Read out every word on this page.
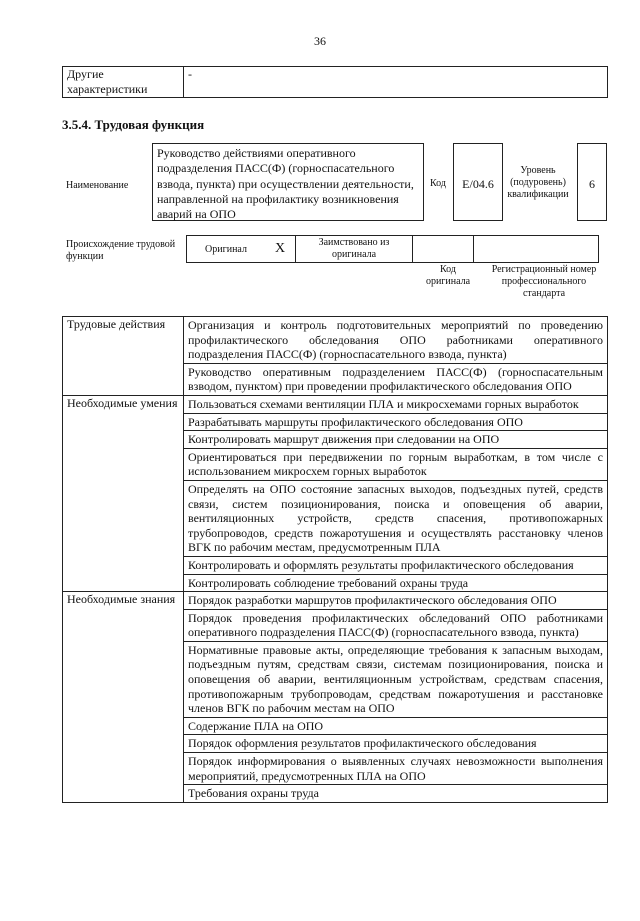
36
Другие характеристики	-
3.5.4. Трудовая функция
Наименование
Руководство действиями оперативного подразделения ПАСС(Ф) (горноспасательного взвода, пункта) при осуществлении деятельности, направленной на профилактику возникновения аварий на ОПО
Код	E/04.6
Уровень (подуровень) квалификации
6
Происхождение трудовой функции
Оригинал	X	Заимствовано из оригинала		
Код оригинала
Регистрационный номер профессионального стандарта
Трудовые действия	Организация и контроль подготовительных мероприятий по проведению профилактического обследования ОПО работниками оперативного подразделения ПАСС(Ф) (горноспасательного взвода, пункта)
	Руководство оперативным подразделением ПАСС(Ф) (горноспасательным взводом, пунктом) при проведении профилактического обследования ОПО
Необходимые умения	Пользоваться схемами вентиляции ПЛА и микросхемами горных выработок
	Разрабатывать маршруты профилактического обследования ОПО
	Контролировать маршрут движения при следовании на ОПО
	Ориентироваться при передвижении по горным выработкам, в том числе с использованием микросхем горных выработок
	Определять на ОПО состояние запасных выходов, подъездных путей, средств связи, систем позиционирования, поиска и оповещения об аварии, вентиляционных устройств, средств спасения, противопожарных трубопроводов, средств пожаротушения и осуществлять расстановку членов ВГК по рабочим местам, предусмотренным ПЛА
	Контролировать и оформлять результаты профилактического обследования
	Контролировать соблюдение требований охраны труда
Необходимые знания	Порядок разработки маршрутов профилактического обследования ОПО
	Порядок проведения профилактических обследований ОПО работниками оперативного подразделения ПАСС(Ф) (горноспасательного взвода, пункта)
	Нормативные правовые акты, определяющие требования к запасным выходам, подъездным путям, средствам связи, системам позиционирования, поиска и оповещения об аварии, вентиляционным устройствам, средствам спасения, противопожарным трубопроводам, средствам пожаротушения и расстановке членов ВГК по рабочим местам на ОПО
	Содержание ПЛА на ОПО
	Порядок оформления результатов профилактического обследования
	Порядок информирования о выявленных случаях невозможности выполнения мероприятий, предусмотренных ПЛА на ОПО
	Требования охраны труда
